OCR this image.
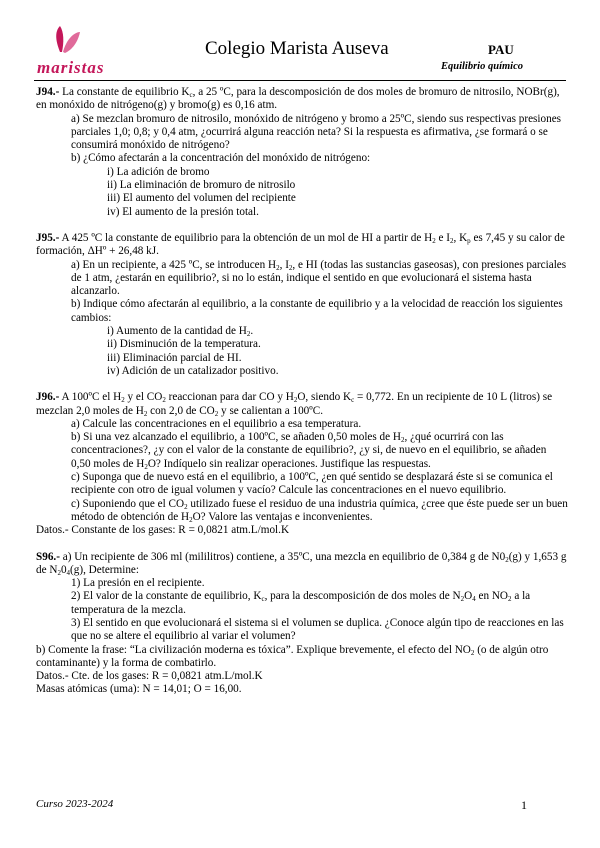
maristas
Colegio Marista Auseva	PAU
Equilibrio químico

J94.- La constante de equilibrio $K_c$, a 25 ºC, para la descomposición de dos moles de bromuro de nitrosilo, NOBr(g), en monóxido de nitrógeno(g) y bromo(g) es 0,16 atm.

a) Se mezclan bromuro de nitrosilo, monóxido de nitrógeno y bromo a 25ºC, siendo sus respectivas presiones parciales 1,0; 0,8; y 0,4 atm, ¿ocurrirá alguna reacción neta? Si la respuesta es afirmativa, ¿se formará o se consumirá monóxido de nitrógeno?

b) ¿Cómo afectarán a la concentración del monóxido de nitrógeno:

i) La adición de bromo

ii) La eliminación de bromuro de nitrosilo

iii) El aumento del volumen del recipiente

iv) El aumento de la presión total.

J95.- A 425 ºC la constante de equilibrio para la obtención de un mol de HI a partir de $H_2$ e $I_2$, $K_p$ es 7,45 y su calor de formación, ΔHº + 26,48 kJ.

a) En un recipiente, a 425 ºC, se introducen $H_2$, $I_2$, e HI (todas las sustancias gaseosas), con presiones parciales de 1 atm, ¿estarán en equilibrio?, si no lo están, indique el sentido en que evolucionará el sistema hasta alcanzarlo.

b) Indique cómo afectarán al equilibrio, a la constante de equilibrio y a la velocidad de reacción los siguientes cambios:

i) Aumento de la cantidad de $H_2$.

ii) Disminución de la temperatura.

iii) Eliminación parcial de HI.

iv) Adición de un catalizador positivo.

J96.- A 100ºC el $H_2$ y el $CO_2$ reaccionan para dar CO y $H_2O$, siendo $K_c = 0,772$. En un recipiente de 10 L (litros) se mezclan 2,0 moles de $H_2$ con 2,0 de $CO_2$ y se calientan a 100ºC.

a) Calcule las concentraciones en el equilibrio a esa temperatura.

b) Si una vez alcanzado el equilibrio, a 100ºC, se añaden 0,50 moles de $H_2$, ¿qué ocurrirá con las concentraciones?, ¿y con el valor de la constante de equilibrio?, ¿y si, de nuevo en el equilibrio, se añaden 0,50 moles de $H_2O$? Indíquelo sin realizar operaciones. Justifique las respuestas.

c) Suponga que de nuevo está en el equilibrio, a 100ºC, ¿en qué sentido se desplazará éste si se comunica el recipiente con otro de igual volumen y vacío? Calcule las concentraciones en el nuevo equilibrio.

c) Suponiendo que el $CO_2$ utilizado fuese el residuo de una industria química, ¿cree que éste puede ser un buen método de obtención de $H_2O$? Valore las ventajas e inconvenientes.

Datos.- Constante de los gases: R = 0,0821 atm.L/mol.K

S96.- a) Un recipiente de 306 ml (mililitros) contiene, a 35ºC, una mezcla en equilibrio de 0,384 g de $N0_2(g)$ y 1,653 g de $N_20_4(g)$, Determine:

1) La presión en el recipiente.

2) El valor de la constante de equilibrio, $K_c$, para la descomposición de dos moles de $N_2O_4$ en $NO_2$ a la temperatura de la mezcla.

3) El sentido en que evolucionará el sistema si el volumen se duplica. ¿Conoce algún tipo de reacciones en las que no se altere el equilibrio al variar el volumen?

b) Comente la frase: “La civilización moderna es tóxica”. Explique brevemente, el efecto del $NO_2$ (o de algún otro contaminante) y la forma de combatirlo.

Datos.- Cte. de los gases: R = 0,0821 atm.L/mol.K

Masas atómicas (uma): N = 14,01; O = 16,00.

Curso 2023-2024	1
